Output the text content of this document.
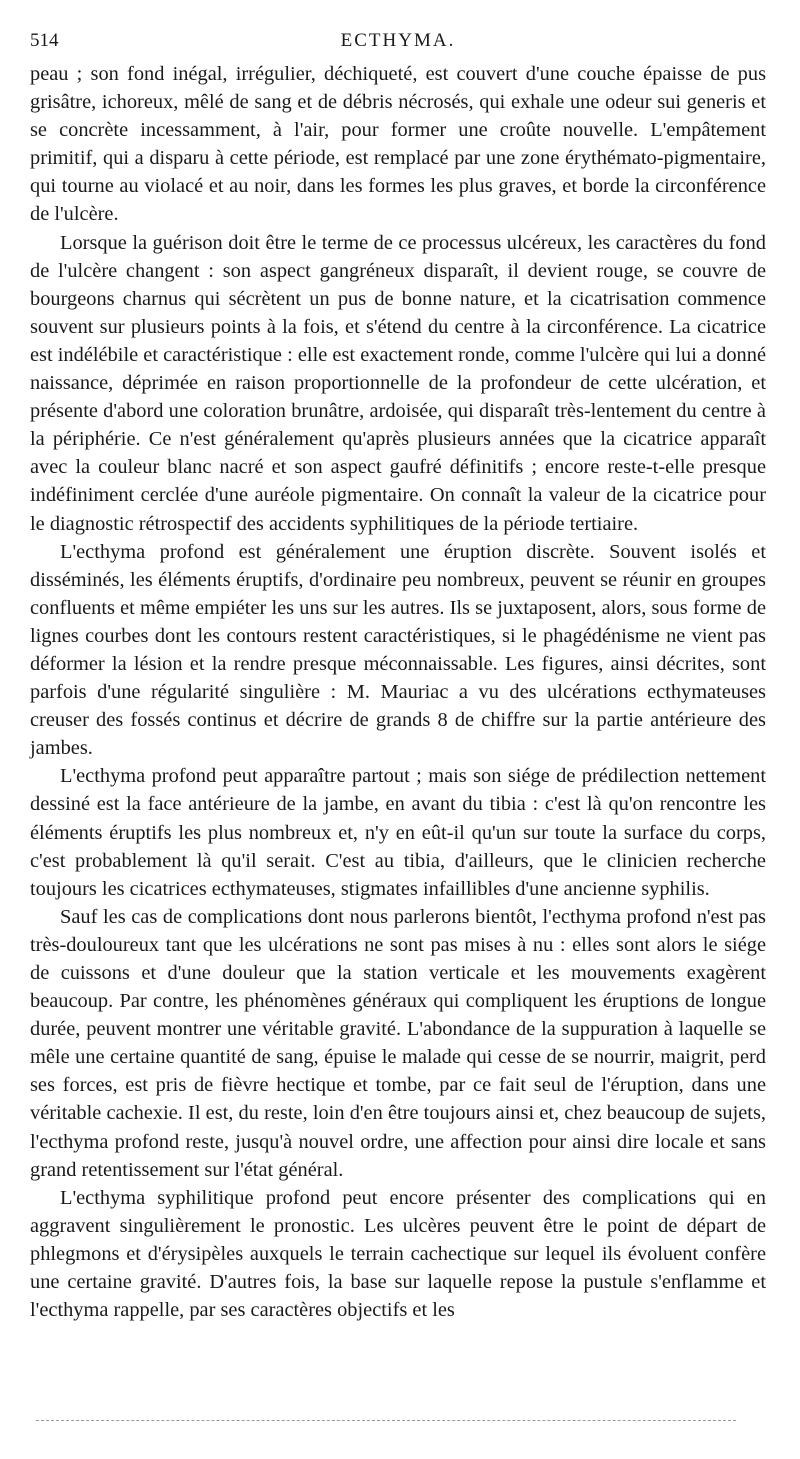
514	ECTHYMA.

peau ; son fond inégal, irrégulier, déchiqueté, est couvert d'une couche épaisse de pus grisâtre, ichoreux, mêlé de sang et de débris nécrosés, qui exhale une odeur sui generis et se concrète incessamment, à l'air, pour former une croûte nouvelle. L'empâtement primitif, qui a disparu à cette période, est remplacé par une zone érythémato-pigmentaire, qui tourne au violacé et au noir, dans les formes les plus graves, et borde la circonférence de l'ulcère.

Lorsque la guérison doit être le terme de ce processus ulcéreux, les caractères du fond de l'ulcère changent : son aspect gangréneux disparaît, il devient rouge, se couvre de bourgeons charnus qui sécrètent un pus de bonne nature, et la cicatrisation commence souvent sur plusieurs points à la fois, et s'étend du centre à la circonférence. La cicatrice est indélébile et caractéristique : elle est exactement ronde, comme l'ulcère qui lui a donné naissance, déprimée en raison proportionnelle de la profondeur de cette ulcération, et présente d'abord une coloration brunâtre, ardoisée, qui disparaît très-lentement du centre à la périphérie. Ce n'est généralement qu'après plusieurs années que la cicatrice apparaît avec la couleur blanc nacré et son aspect gaufré définitifs ; encore reste-t-elle presque indéfiniment cerclée d'une auréole pigmentaire. On connaît la valeur de la cicatrice pour le diagnostic rétrospectif des accidents syphilitiques de la période tertiaire.

L'ecthyma profond est généralement une éruption discrète. Souvent isolés et disséminés, les éléments éruptifs, d'ordinaire peu nombreux, peuvent se réunir en groupes confluents et même empiéter les uns sur les autres. Ils se juxtaposent, alors, sous forme de lignes courbes dont les contours restent caractéristiques, si le phagédénisme ne vient pas déformer la lésion et la rendre presque méconnaissable. Les figures, ainsi décrites, sont parfois d'une régularité singulière : M. Mauriac a vu des ulcérations ecthymateuses creuser des fossés continus et décrire de grands 8 de chiffre sur la partie antérieure des jambes.

L'ecthyma profond peut apparaître partout ; mais son siége de prédilection nettement dessiné est la face antérieure de la jambe, en avant du tibia : c'est là qu'on rencontre les éléments éruptifs les plus nombreux et, n'y en eût-il qu'un sur toute la surface du corps, c'est probablement là qu'il serait. C'est au tibia, d'ailleurs, que le clinicien recherche toujours les cicatrices ecthymateuses, stigmates infaillibles d'une ancienne syphilis.

Sauf les cas de complications dont nous parlerons bientôt, l'ecthyma profond n'est pas très-douloureux tant que les ulcérations ne sont pas mises à nu : elles sont alors le siége de cuissons et d'une douleur que la station verticale et les mouvements exagèrent beaucoup. Par contre, les phénomènes généraux qui compliquent les éruptions de longue durée, peuvent montrer une véritable gravité. L'abondance de la suppuration à laquelle se mêle une certaine quantité de sang, épuise le malade qui cesse de se nourrir, maigrit, perd ses forces, est pris de fièvre hectique et tombe, par ce fait seul de l'éruption, dans une véritable cachexie. Il est, du reste, loin d'en être toujours ainsi et, chez beaucoup de sujets, l'ecthyma profond reste, jusqu'à nouvel ordre, une affection pour ainsi dire locale et sans grand retentissement sur l'état général.

L'ecthyma syphilitique profond peut encore présenter des complications qui en aggravent singulièrement le pronostic. Les ulcères peuvent être le point de départ de phlegmons et d'érysipèles auxquels le terrain cachectique sur lequel ils évoluent confère une certaine gravité. D'autres fois, la base sur laquelle repose la pustule s'enflamme et l'ecthyma rappelle, par ses caractères objectifs et les
